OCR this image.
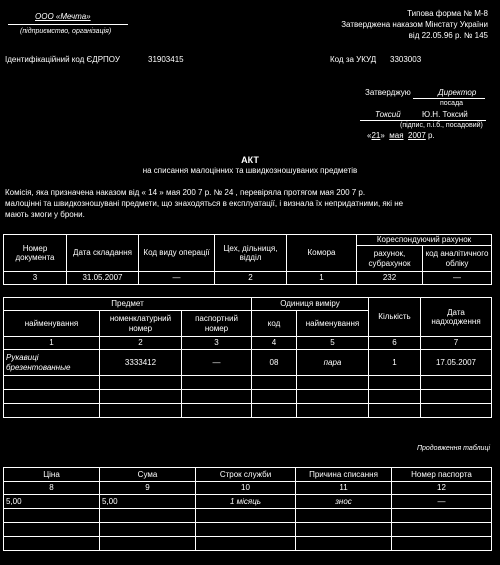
ООО «Мечта»
(підприємство, організація)
Типова форма № М-8
Затверджена наказом Мінстату України
від 22.05.96 р. № 145
Ідентифікаційний код ЄДРПОУ	31903415	Код за УКУД 3303003
Затверджую	Директор
посада
Токсий	Ю.Н. Токсий
(підпис, п.і.б., посадовий)
«21»  мая 2007 р.
АКТ
на списання малоцінних та швидкозношуваних предметів
Комісія, яка призначена наказом від « 14 » мая 200 7 р. № 24 , перевіряла протягом мая 200 7 р.
малоцінні та швидкозношувані предмети, що знаходяться в експлуатації, і визнала їх непридатними, які не
мають змоги у брони.
Номер документа	Дата складання	Код виду операції	Цех, дільниця, відділ	Комора	Кореспондуючий рахунок	
					рахунок, субрахунок	код аналітичного обліку
3	31.05.2007	—	2	1	232	—
Предмет			Одиниця виміру		Кількість	Дата надходження
найменування	номенклатурний номер	паспортний номер	код	найменування		
1	2	3	4	5	6	7
Рукавиці брезентованные	3333412	—	08	пара	1	17.05.2007

Продовження таблиці
Ціна	Сума	Строк служби	Причина списання	Номер паспорта
8	9	10	11	12
5,00	5,00	1 місяць	знос	—
